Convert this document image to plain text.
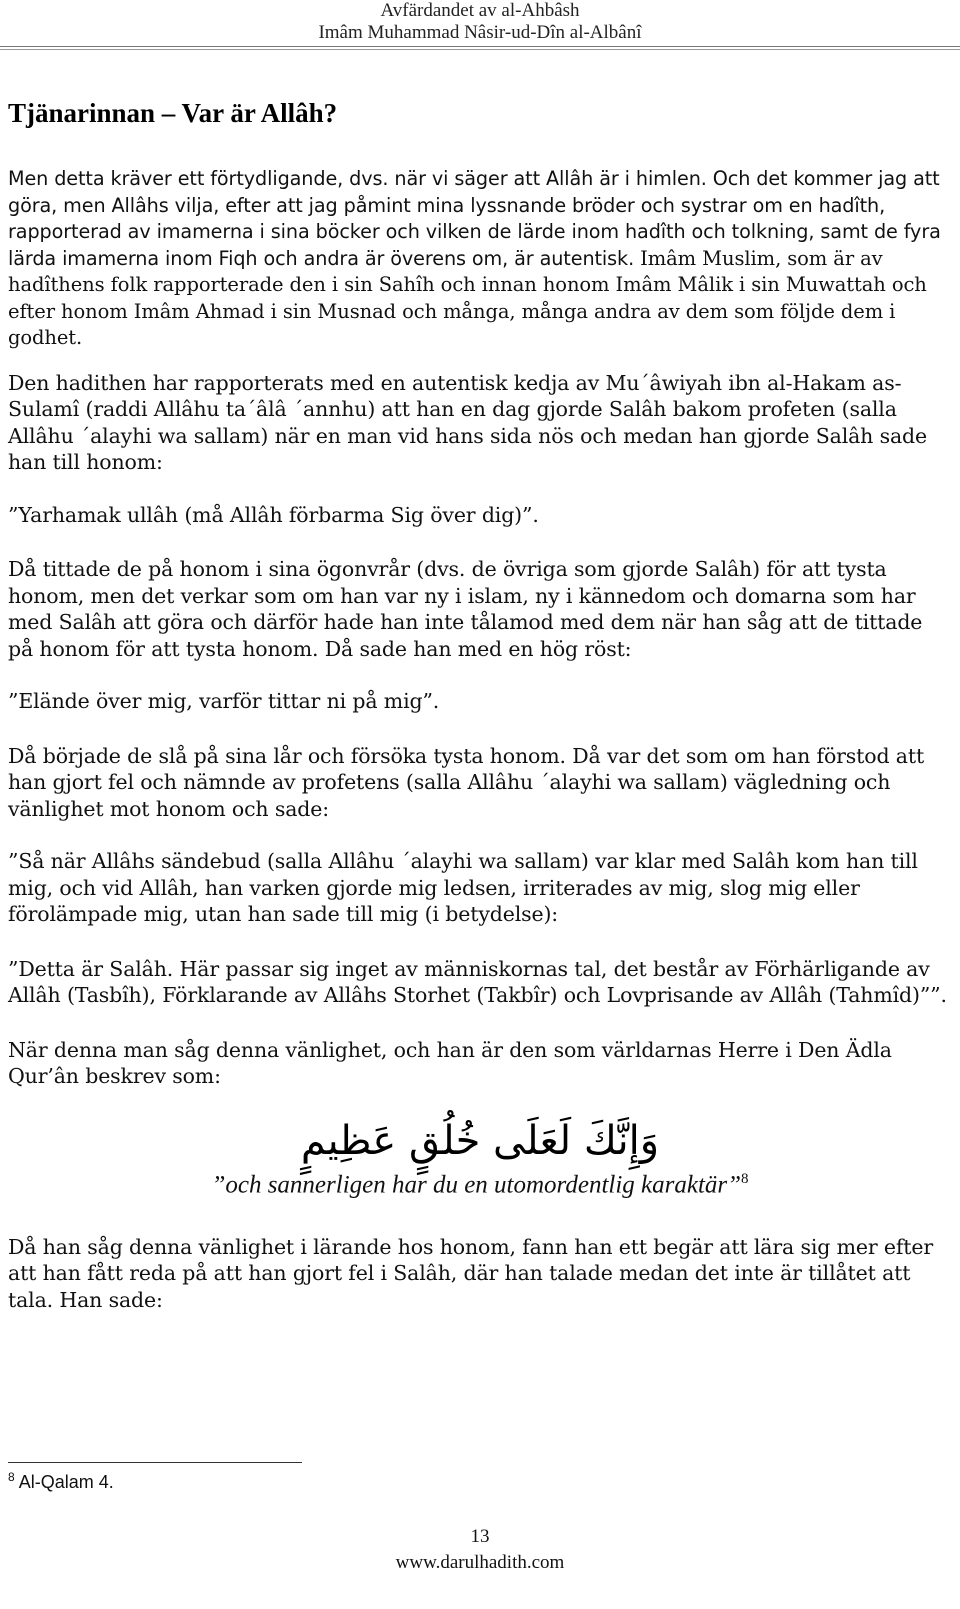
Avfärdandet av al-Ahbâsh
Imâm Muhammad Nâsir-ud-Dîn al-Albânî
Tjänarinnan – Var är Allâh?

Men detta kräver ett förtydligande, dvs. när vi säger att Allâh är i himlen. Och det kommer jag att göra, men Allâhs vilja, efter att jag påmint mina lyssnande bröder och systrar om en hadîth, rapporterad av imamerna i sina böcker och vilken de lärde inom hadîth och tolkning, samt de fyra lärda imamerna inom Fiqh och andra är överens om, är autentisk. Imâm Muslim, som är av hadîthens folk rapporterade den i sin Sahîh och innan honom Imâm Mâlik i sin Muwattah och efter honom Imâm Ahmad i sin Musnad och många, många andra av dem som följde dem i godhet.

Den hadithen har rapporterats med en autentisk kedja av Mu´âwiyah ibn al-Hakam as-Sulamî (raddi Allâhu ta´âlâ ´annhu) att han en dag gjorde Salâh bakom profeten (salla Allâhu ´alayhi wa sallam) när en man vid hans sida nös och medan han gjorde Salâh sade han till honom:

”Yarhamak ullâh (må Allâh förbarma Sig över dig)”.

Då tittade de på honom i sina ögonvrår (dvs. de övriga som gjorde Salâh) för att tysta honom, men det verkar som om han var ny i islam, ny i kännedom och domarna som har med Salâh att göra och därför hade han inte tålamod med dem när han såg att de tittade på honom för att tysta honom. Då sade han med en hög röst:

”Elände över mig, varför tittar ni på mig”.

Då började de slå på sina lår och försöka tysta honom. Då var det som om han förstod att han gjort fel och nämnde av profetens (salla Allâhu ´alayhi wa sallam) vägledning och vänlighet mot honom och sade:

”Så när Allâhs sändebud (salla Allâhu ´alayhi wa sallam) var klar med Salâh kom han till mig, och vid Allâh, han varken gjorde mig ledsen, irriterades av mig, slog mig eller förolämpade mig, utan han sade till mig (i betydelse):

”Detta är Salâh. Här passar sig inget av människornas tal, det består av Förhärligande av Allâh (Tasbîh), Förklarande av Allâhs Storhet (Takbîr) och Lovprisande av Allâh (Tahmîd)””.

När denna man såg denna vänlighet, och han är den som världarnas Herre i Den Ädla Qur’ân beskrev som:

وَإِنَّكَ لَعَلَى خُلُقٍ عَظِيمٍ
”och sannerligen har du en utomordentlig karaktär”$^8$

Då han såg denna vänlighet i lärande hos honom, fann han ett begär att lära sig mer efter att han fått reda på att han gjort fel i Salâh, där han talade medan det inte är tillåtet att tala. Han sade:

$^8$ Al-Qalam 4.
13
www.darulhadith.com
